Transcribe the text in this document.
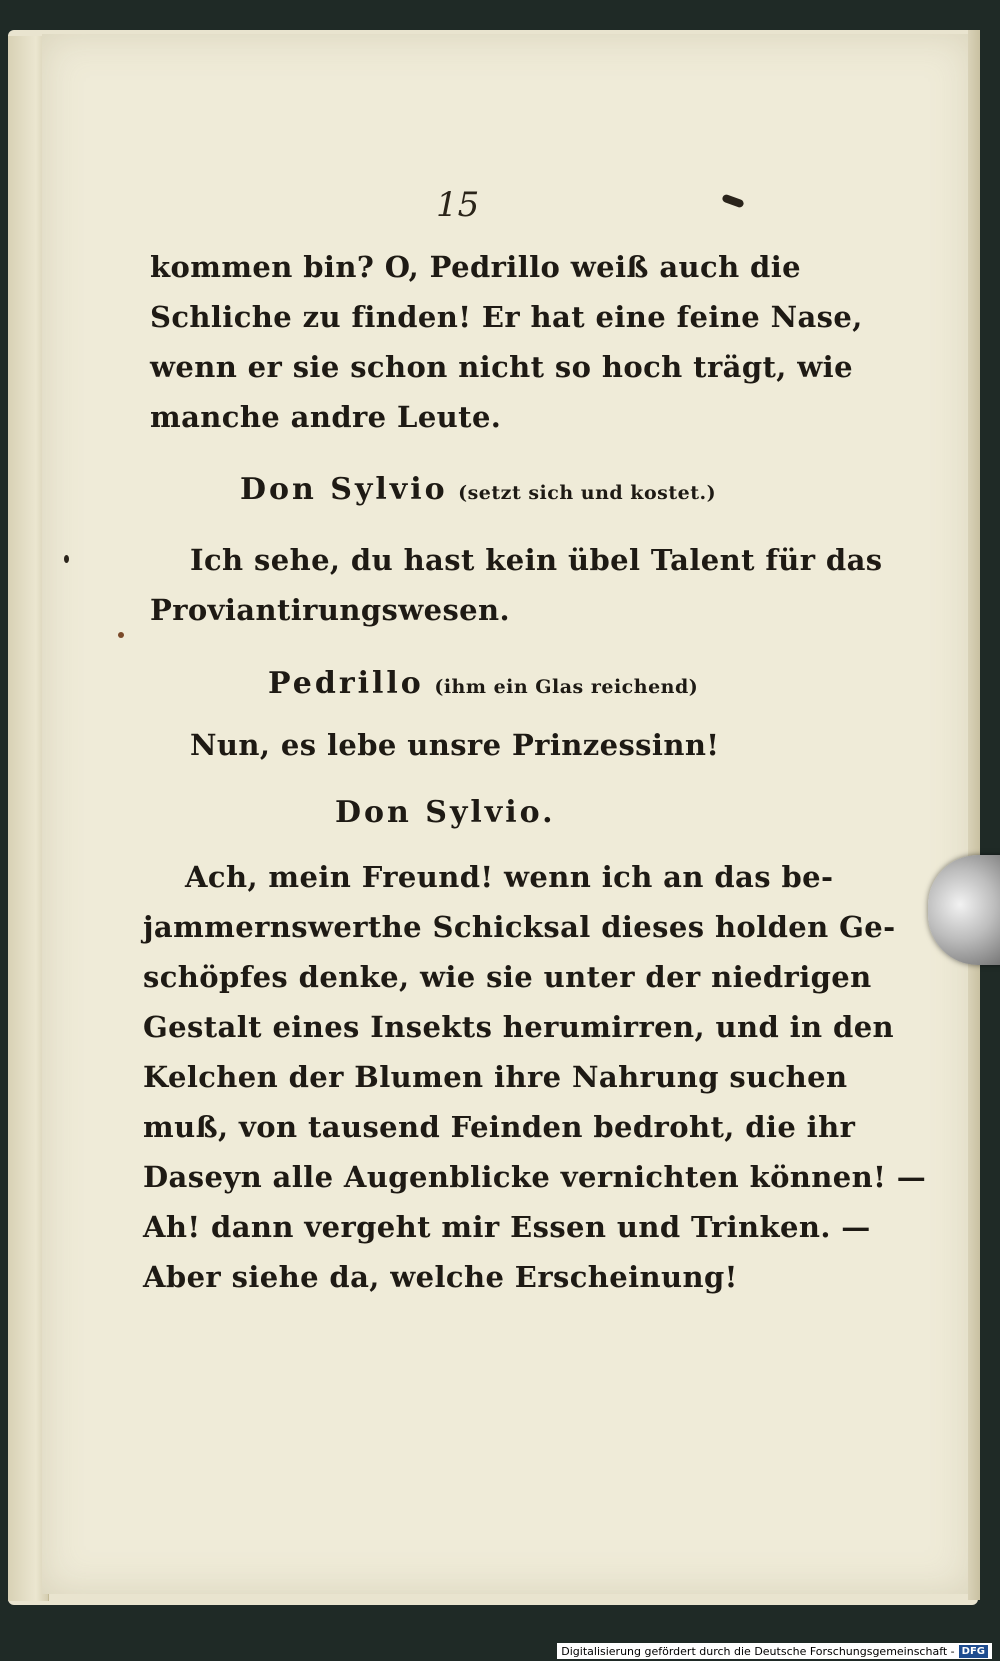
15
kommen bin? O, Pedrillo weiß auch die
Schliche zu finden! Er hat eine feine Nase,
wenn er sie schon nicht so hoch trägt, wie
manche andre Leute.
Don Sylvio (setzt sich und kostet.)
Ich sehe, du hast kein übel Talent für das
Proviantirungswesen.
Pedrillo (ihm ein Glas reichend)
Nun, es lebe unsre Prinzessinn!
Don Sylvio.
Ach, mein Freund! wenn ich an das be-
jammernswerthe Schicksal dieses holden Ge-
schöpfes denke, wie sie unter der niedrigen
Gestalt eines Insekts herumirren, und in den
Kelchen der Blumen ihre Nahrung suchen
muß, von tausend Feinden bedroht, die ihr
Daseyn alle Augenblicke vernichten können! —
Ah! dann vergeht mir Essen und Trinken. —
Aber siehe da, welche Erscheinung!
Digitalisierung gefördert durch die Deutsche Forschungsgemeinschaft - DFG
